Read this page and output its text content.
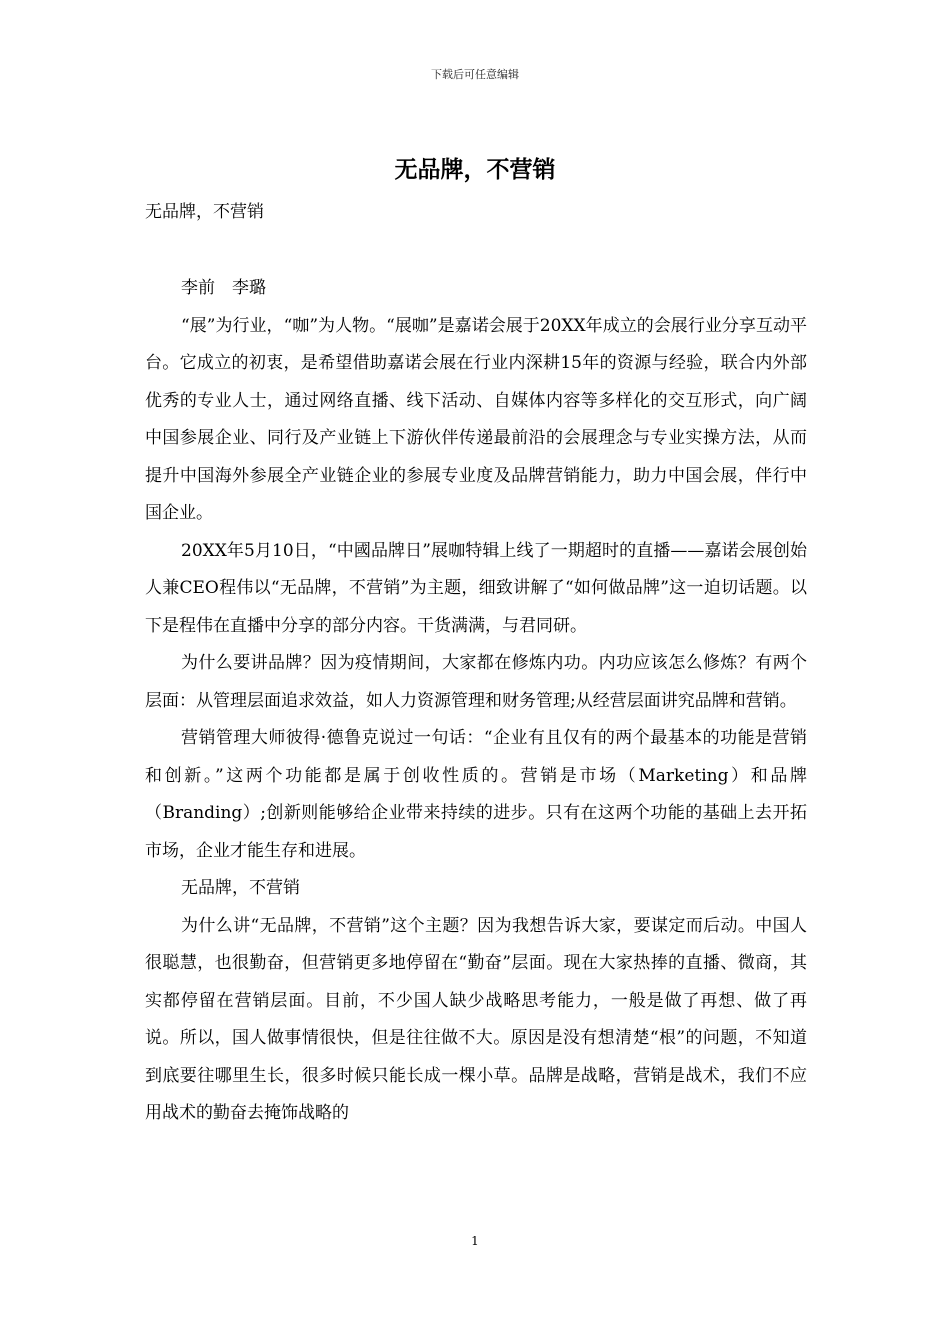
下载后可任意编辑
无品牌，不营销

无品牌，不营销

李前　李璐

“展”为行业，“咖”为人物。“展咖”是嘉诺会展于20XX年成立的会展行业分享互动平台。它成立的初衷，是希望借助嘉诺会展在行业内深耕15年的资源与经验，联合内外部优秀的专业人士，通过网络直播、线下活动、自媒体内容等多样化的交互形式，向广阔中国参展企业、同行及产业链上下游伙伴传递最前沿的会展理念与专业实操方法，从而提升中国海外参展全产业链企业的参展专业度及品牌营销能力，助力中国会展，伴行中国企业。

20XX年5月10日，“中國品牌日”展咖特辑上线了一期超时的直播——嘉诺会展创始人兼CEO程伟以“无品牌，不营销”为主题，细致讲解了“如何做品牌”这一迫切话题。以下是程伟在直播中分享的部分内容。干货满满，与君同研。

为什么要讲品牌？因为疫情期间，大家都在修炼内功。内功应该怎么修炼？有两个层面：从管理层面追求效益，如人力资源管理和财务管理;从经营层面讲究品牌和营销。

营销管理大师彼得·德鲁克说过一句话：“企业有且仅有的两个最基本的功能是营销和创新。”这两个功能都是属于创收性质的。营销是市场（Marketing）和品牌（Branding）;创新则能够给企业带来持续的进步。只有在这两个功能的基础上去开拓市场，企业才能生存和进展。

无品牌，不营销

为什么讲“无品牌，不营销”这个主题？因为我想告诉大家，要谋定而后动。中国人很聪慧，也很勤奋，但营销更多地停留在“勤奋”层面。现在大家热捧的直播、微商，其实都停留在营销层面。目前，不少国人缺少战略思考能力，一般是做了再想、做了再说。所以，国人做事情很快，但是往往做不大。原因是没有想清楚“根”的问题，不知道到底要往哪里生长，很多时候只能长成一棵小草。品牌是战略，营销是战术，我们不应用战术的勤奋去掩饰战略的

1
